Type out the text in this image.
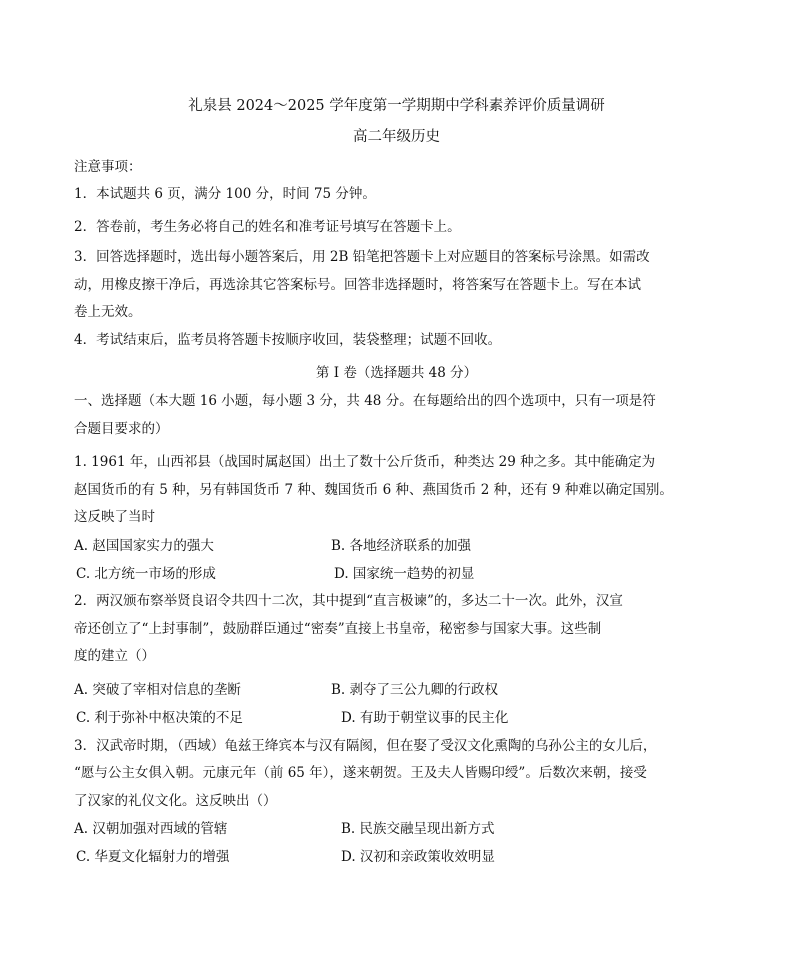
礼泉县 2024～2025 学年度第一学期期中学科素养评价质量调研
高二年级历史
注意事项：
1．本试题共 6 页，满分 100 分，时间 75 分钟。
2．答卷前，考生务必将自己的姓名和准考证号填写在答题卡上。
3．回答选择题时，选出每小题答案后，用 2B 铅笔把答题卡上对应题目的答案标号涂黑。如需改
动，用橡皮擦干净后，再选涂其它答案标号。回答非选择题时，将答案写在答题卡上。写在本试
卷上无效。
4．考试结束后，监考员将答题卡按顺序收回，装袋整理；试题不回收。
第 I 卷（选择题共 48 分）
一、选择题（本大题 16 小题，每小题 3 分，共 48 分。在每题给出的四个选项中，只有一项是符
合题目要求的）
1. 1961 年，山西祁县（战国时属赵国）出土了数十公斤货币，种类达 29 种之多。其中能确定为
赵国货币的有 5 种，另有韩国货币 7 种、魏国货币 6 种、燕国货币 2 种，还有 9 种难以确定国别。
这反映了当时
A. 赵国国家实力的强大	B. 各地经济联系的加强
C. 北方统一市场的形成	D. 国家统一趋势的初显
2．两汉颁布察举贤良诏令共四十二次，其中提到“直言极谏”的，多达二十一次。此外，汉宣
帝还创立了“上封事制”，鼓励群臣通过“密奏”直接上书皇帝，秘密参与国家大事。这些制
度的建立（）
A. 突破了宰相对信息的垄断	B. 剥夺了三公九卿的行政权
C. 利于弥补中枢决策的不足	D. 有助于朝堂议事的民主化
3．汉武帝时期，（西域）龟兹王绛宾本与汉有隔阂，但在娶了受汉文化熏陶的乌孙公主的女儿后，
“愿与公主女俱入朝。元康元年（前 65 年），遂来朝贺。王及夫人皆赐印绶”。后数次来朝，接受
了汉家的礼仪文化。这反映出（）
A. 汉朝加强对西域的管辖	B. 民族交融呈现出新方式
C. 华夏文化辐射力的增强	D. 汉初和亲政策收效明显
